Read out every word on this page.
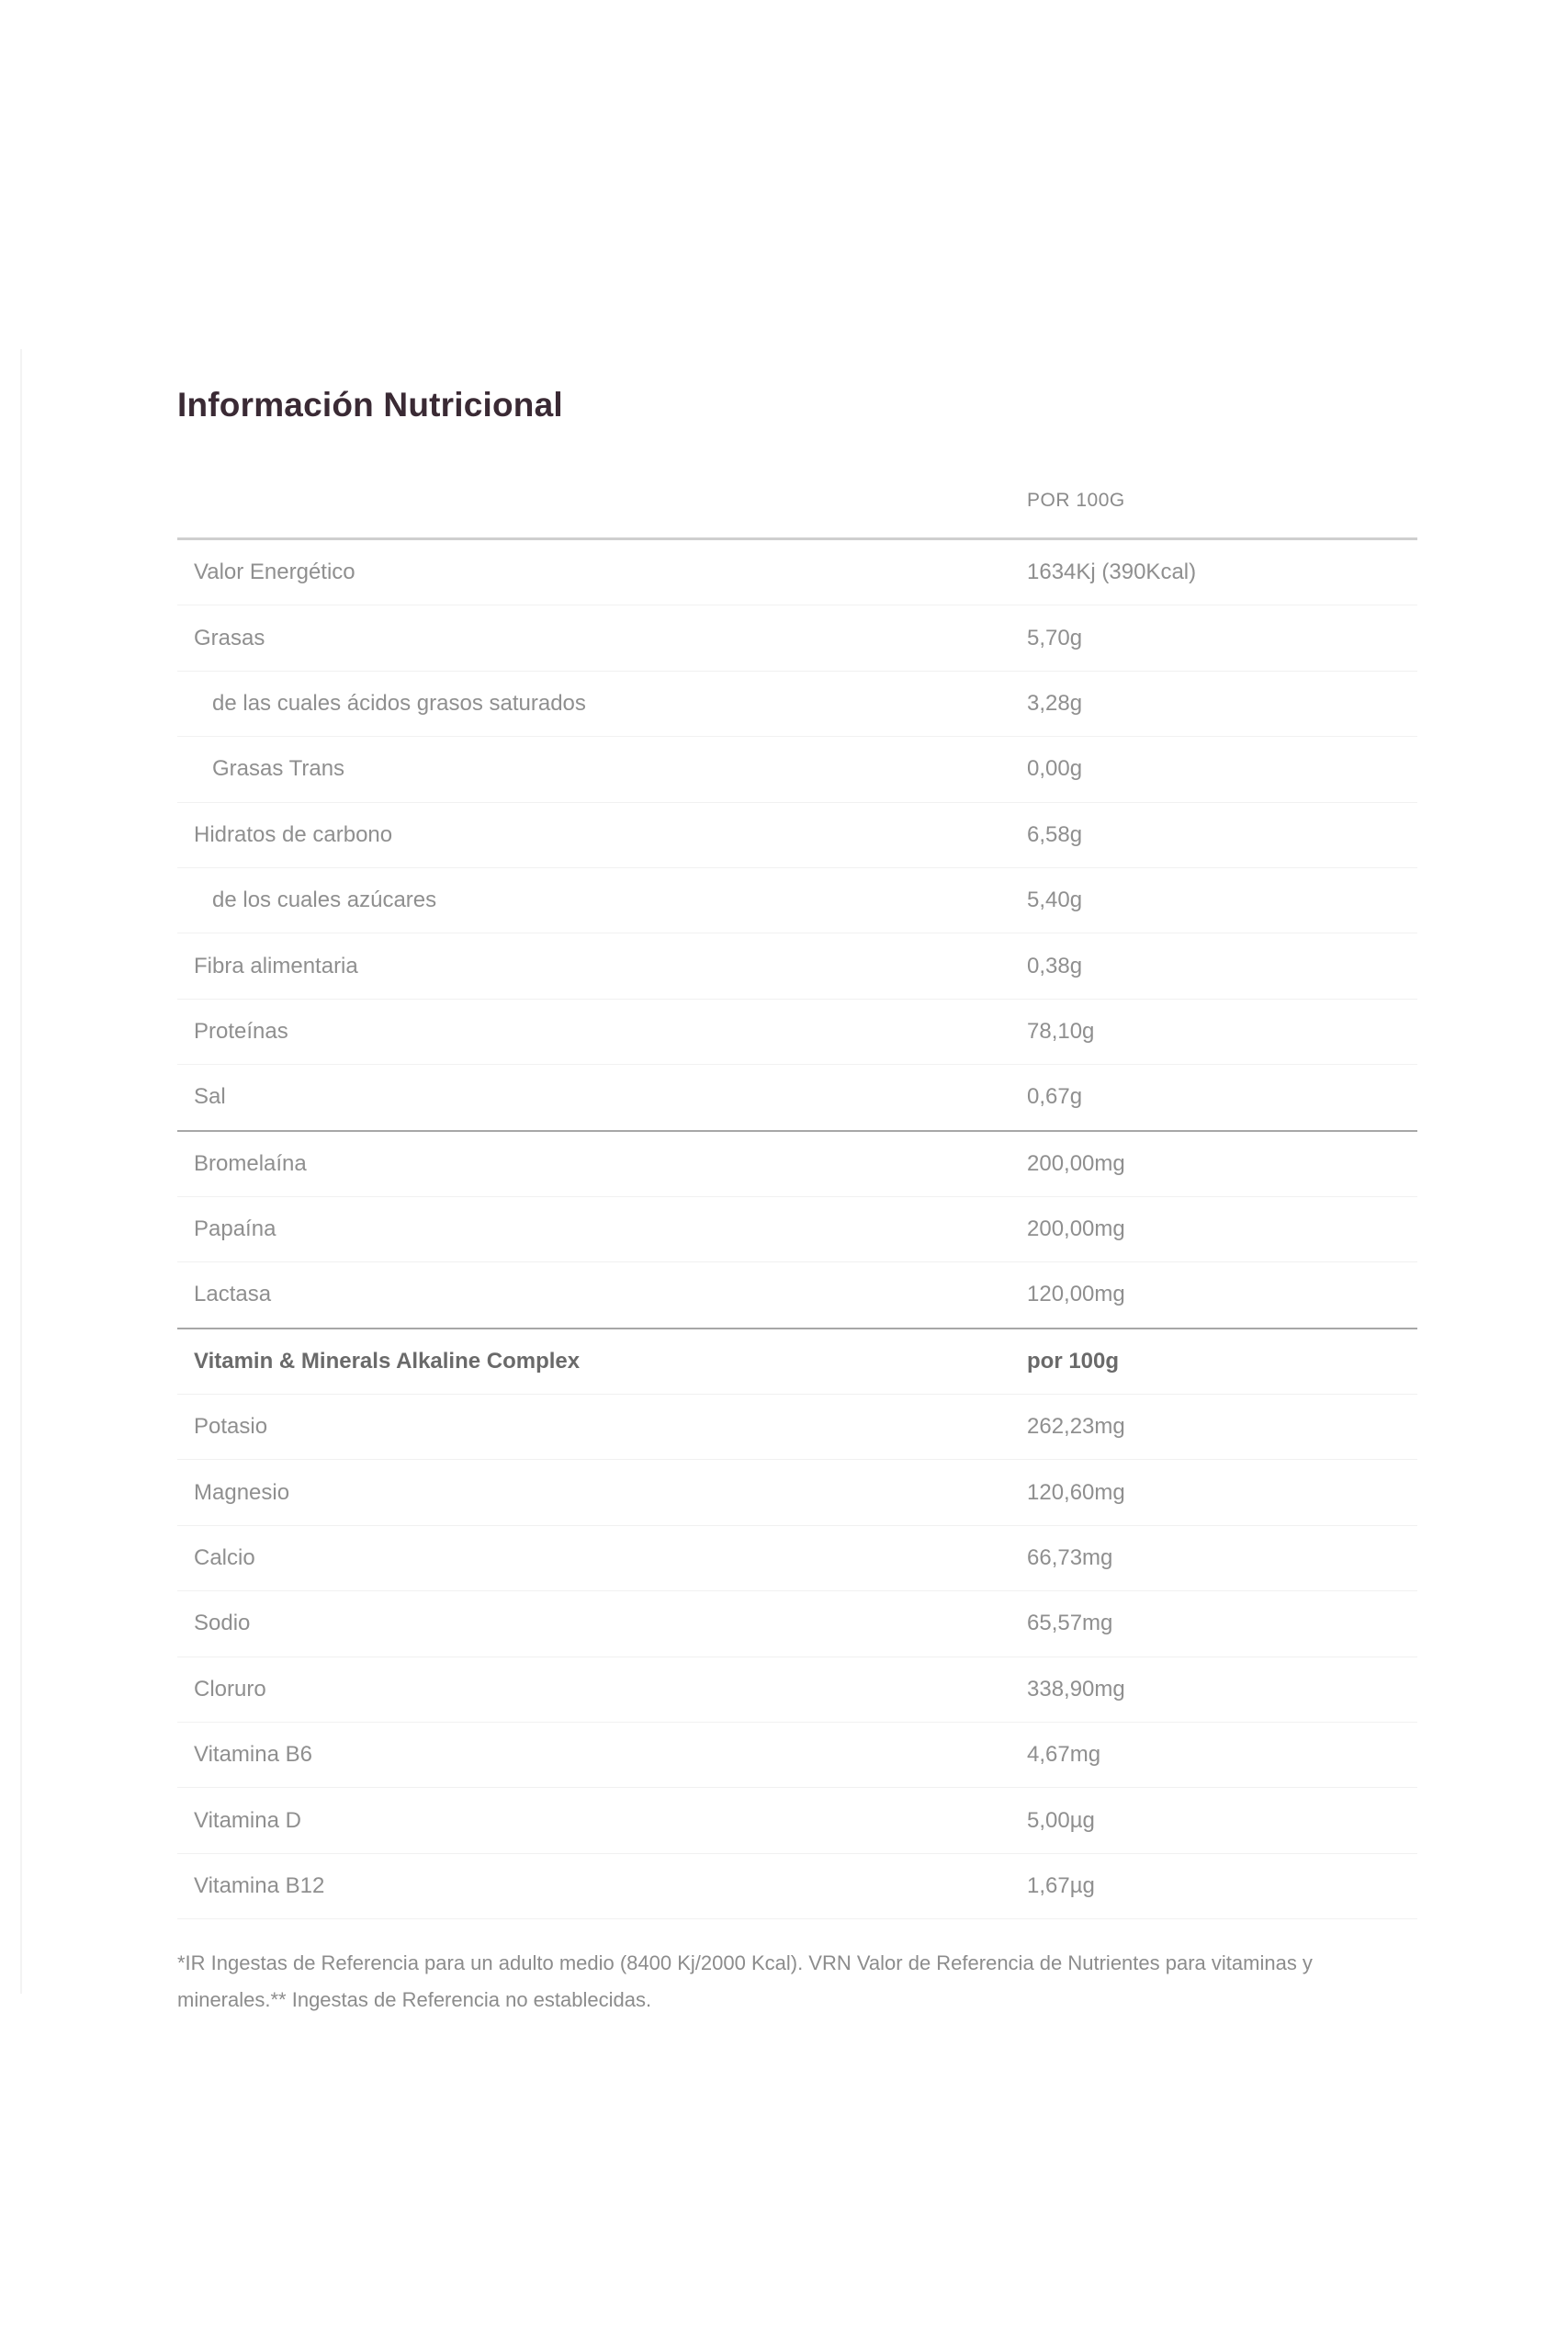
Información Nutricional
	POR 100G
Valor Energético	1634Kj (390Kcal)
Grasas	5,70g
de las cuales ácidos grasos saturados	3,28g
Grasas Trans	0,00g
Hidratos de carbono	6,58g
de los cuales azúcares	5,40g
Fibra alimentaria	0,38g
Proteínas	78,10g
Sal	0,67g
Bromelaína	200,00mg
Papaína	200,00mg
Lactasa	120,00mg
Vitamin & Minerals Alkaline Complex	por 100g
Potasio	262,23mg
Magnesio	120,60mg
Calcio	66,73mg
Sodio	65,57mg
Cloruro	338,90mg
Vitamina B6	4,67mg
Vitamina D	5,00µg
Vitamina B12	1,67µg
*IR Ingestas de Referencia para un adulto medio (8400 Kj/2000 Kcal). VRN Valor de Referencia de Nutrientes para vitaminas y minerales.** Ingestas de Referencia no establecidas.
